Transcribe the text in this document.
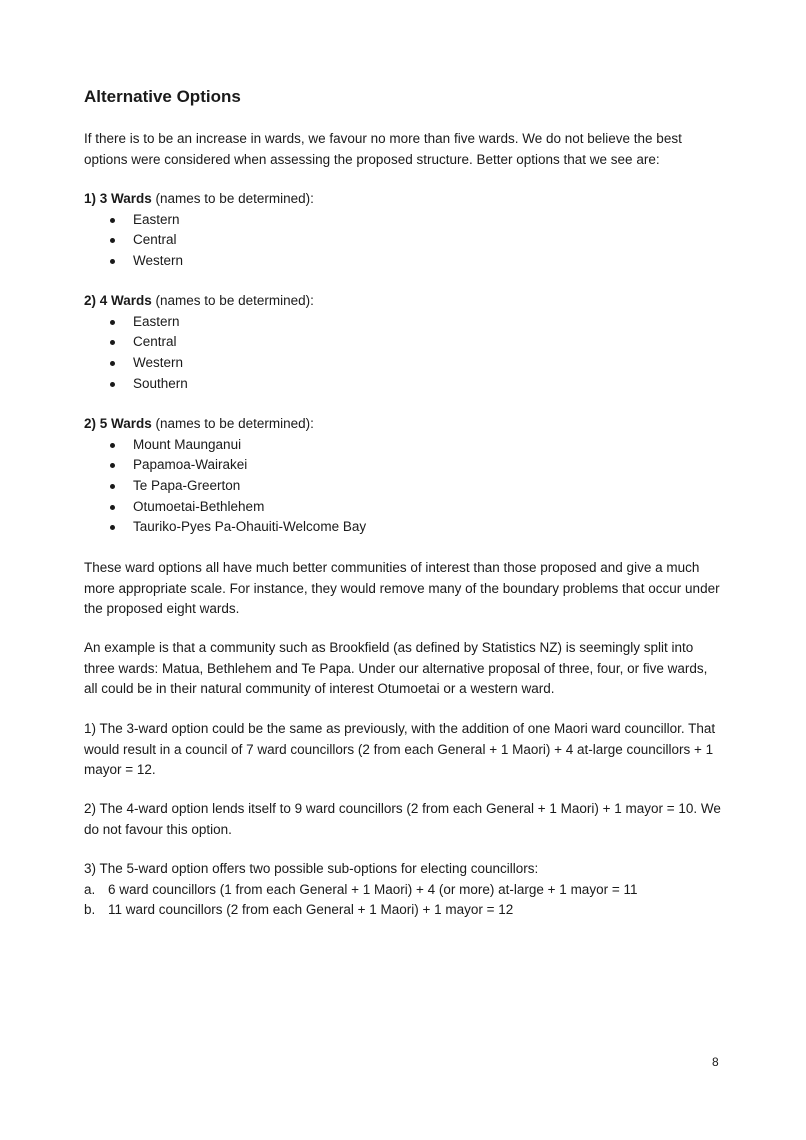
Alternative Options

If there is to be an increase in wards, we favour no more than five wards. We do not believe the best options were considered when assessing the proposed structure. Better options that we see are:

1) 3 Wards (names to be determined):

Eastern
Central
Western

2) 4 Wards (names to be determined):

Eastern
Central
Western
Southern

2) 5 Wards (names to be determined):

Mount Maunganui
Papamoa-Wairakei
Te Papa-Greerton
Otumoetai-Bethlehem
Tauriko-Pyes Pa-Ohauiti-Welcome Bay

These ward options all have much better communities of interest than those proposed and give a much more appropriate scale. For instance, they would remove many of the boundary problems that occur under the proposed eight wards.

An example is that a community such as Brookfield (as defined by Statistics NZ) is seemingly split into three wards: Matua, Bethlehem and Te Papa. Under our alternative proposal of three, four, or five wards, all could be in their natural community of interest Otumoetai or a western ward.

1) The 3-ward option could be the same as previously, with the addition of one Maori ward councillor. That would result in a council of 7 ward councillors (2 from each General + 1 Maori) + 4 at-large councillors + 1 mayor = 12.

2) The 4-ward option lends itself to 9 ward councillors (2 from each General + 1 Maori) + 1 mayor = 10. We do not favour this option.

3) The 5-ward option offers two possible sub-options for electing councillors:

a. 6 ward councillors (1 from each General + 1 Maori) + 4 (or more) at-large + 1 mayor = 11
b. 11 ward councillors (2 from each General + 1 Maori) + 1 mayor = 12
8
